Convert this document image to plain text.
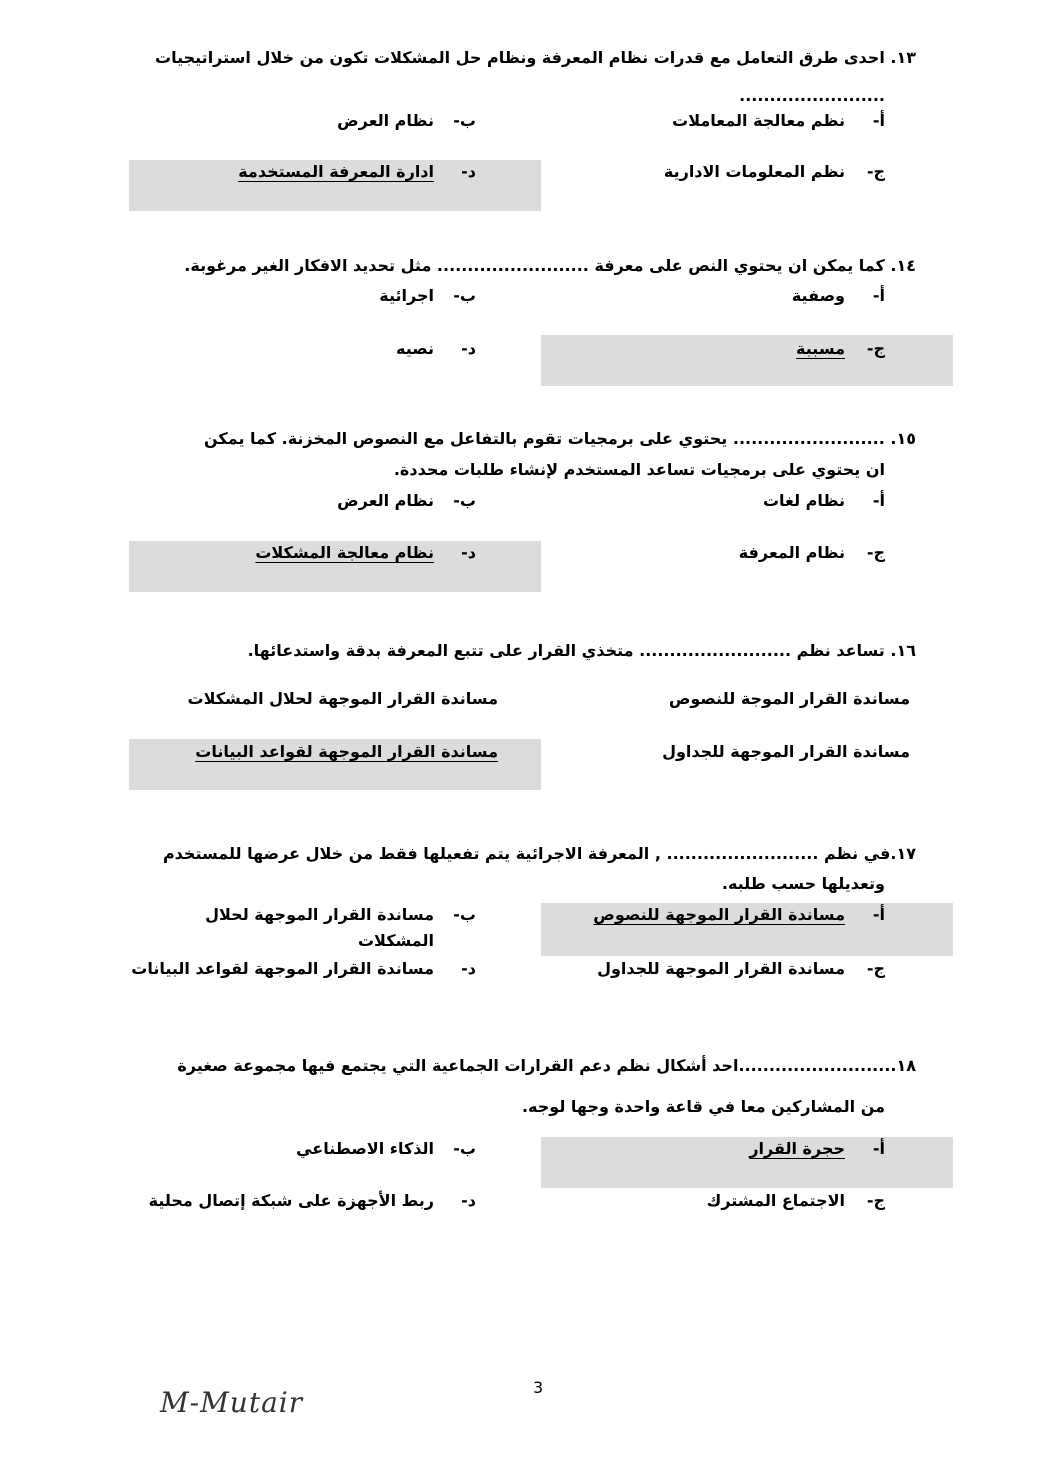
١٣. احدى طرق التعامل مع قدرات نظام المعرفة ونظام حل المشكلات تكون من خلال استراتيجيات
........................
أ-
نظم معالجة المعاملات
ب-
نظام العرض
ج-
نظم المعلومات الادارية
د-
ادارة المعرفة المستخدمة
١٤. كما يمكن ان يحتوي النص على معرفة ......................... مثل تحديد الافكار الغير مرغوبة.
أ-
وصفية
ب-
اجرائية
ج-
مسببة
د-
نصيه
١٥. ......................... يحتوي على برمجيات تقوم بالتفاعل مع النصوص المخزنة. كما يمكن
ان يحتوي على برمجيات تساعد المستخدم لإنشاء طلبات محددة.
أ-
نظام لغات
ب-
نظام العرض
ج-
نظام المعرفة
د-
نظام معالجة المشكلات
١٦. تساعد نظم ......................... متخذي القرار على تتبع المعرفة بدقة واستدعائها.
مساندة القرار الموجة للنصوص
مساندة القرار الموجهة لحلال المشكلات
مساندة القرار الموجهة للجداول
مساندة القرار الموجهة لقواعد البيانات
١٧.في نظم ......................... , المعرفة الاجرائية يتم تفعيلها فقط من خلال عرضها للمستخدم
وتعديلها حسب طلبه.
أ-
مساندة القرار الموجهة للنصوص
ب-
مساندة القرار الموجهة لحلال
المشكلات
ج-
مساندة القرار الموجهة للجداول
د-
مساندة القرار الموجهة لقواعد البيانات
١٨..........................احد أشكال نظم دعم القرارات الجماعية التي يجتمع فيها مجموعة صغيرة
من المشاركين معا في قاعة واحدة وجها لوجه.
أ-
حجرة القرار
ب-
الذكاء الاصطناعي
ج-
الاجتماع المشترك
د-
ربط الأجهزة على شبكة إتصال محلية
3
M-Mutair
